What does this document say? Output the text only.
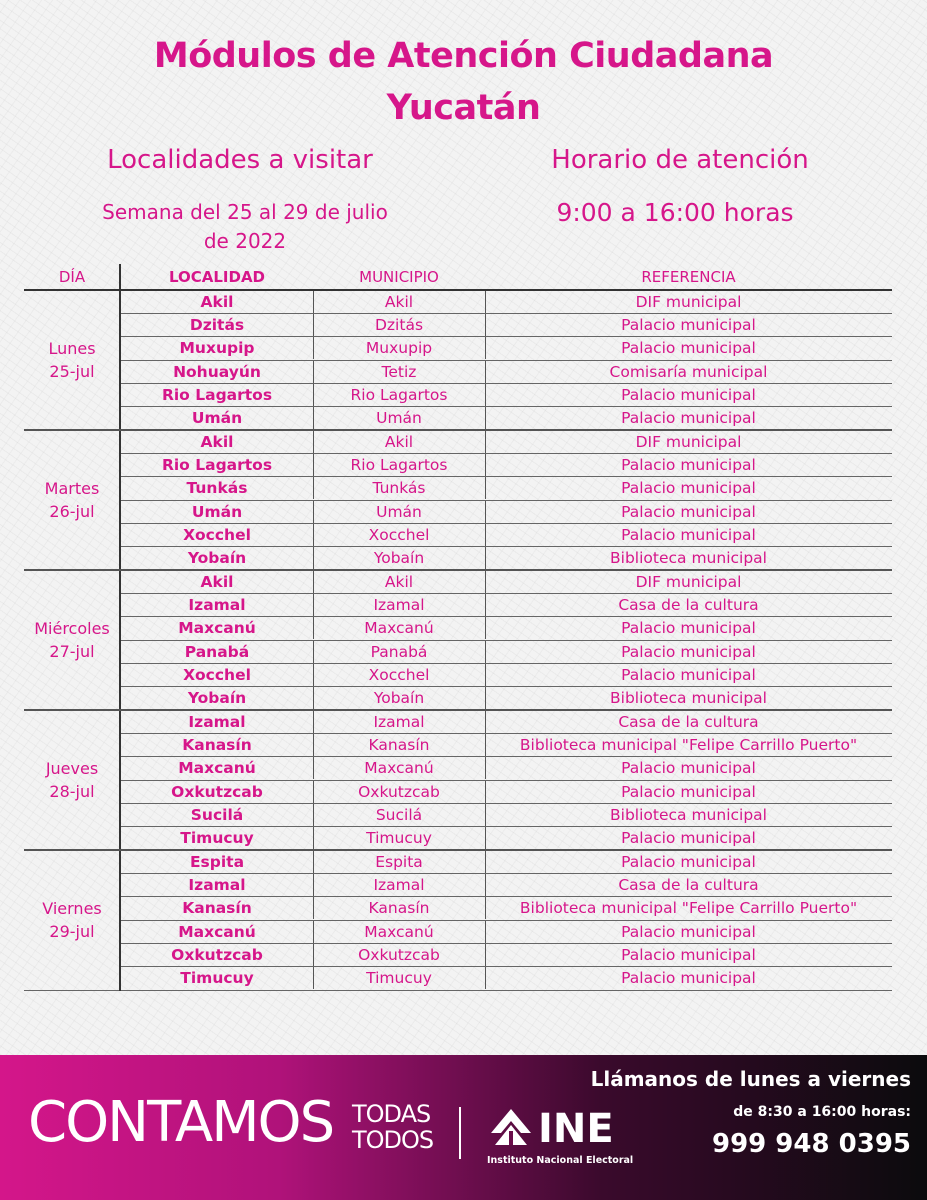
Módulos de Atención Ciudadana
Yucatán
Localidades a visitar	Horario de atención
Semana del 25 al 29 de julio
de 2022
9:00 a 16:00 horas
DÍA	LOCALIDAD	MUNICIPIO	REFERENCIA
Lunes
25-jul
Akil	Akil	DIF municipal
Dzitás	Dzitás	Palacio municipal
Muxupip	Muxupip	Palacio municipal
Nohuayún	Tetiz	Comisaría municipal
Rio Lagartos	Rio Lagartos	Palacio municipal
Umán	Umán	Palacio municipal
Martes
26-jul
Akil	Akil	DIF municipal
Rio Lagartos	Rio Lagartos	Palacio municipal
Tunkás	Tunkás	Palacio municipal
Umán	Umán	Palacio municipal
Xocchel	Xocchel	Palacio municipal
Yobaín	Yobaín	Biblioteca municipal
Miércoles
27-jul
Akil	Akil	DIF municipal
Izamal	Izamal	Casa de la cultura
Maxcanú	Maxcanú	Palacio municipal
Panabá	Panabá	Palacio municipal
Xocchel	Xocchel	Palacio municipal
Yobaín	Yobaín	Biblioteca municipal
Jueves
28-jul
Izamal	Izamal	Casa de la cultura
Kanasín	Kanasín	Biblioteca municipal "Felipe Carrillo Puerto"
Maxcanú	Maxcanú	Palacio municipal
Oxkutzcab	Oxkutzcab	Palacio municipal
Sucilá	Sucilá	Biblioteca municipal
Timucuy	Timucuy	Palacio municipal
Viernes
29-jul
Espita	Espita	Palacio municipal
Izamal	Izamal	Casa de la cultura
Kanasín	Kanasín	Biblioteca municipal "Felipe Carrillo Puerto"
Maxcanú	Maxcanú	Palacio municipal
Oxkutzcab	Oxkutzcab	Palacio municipal
Timucuy	Timucuy	Palacio municipal
CONTAMOS TODAS
TODOS	INE
Instituto Nacional Electoral
Llámanos de lunes a viernes
de 8:30 a 16:00 horas:
999 948 0395
